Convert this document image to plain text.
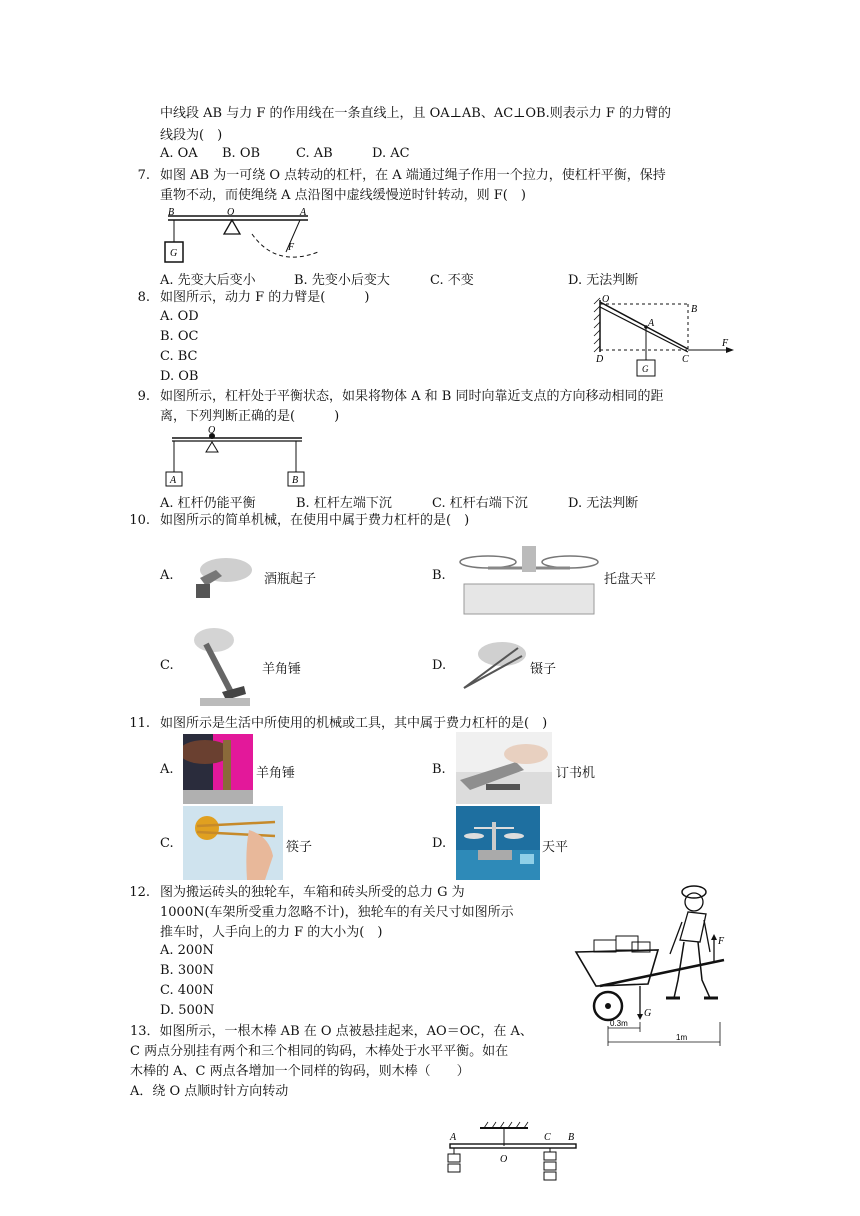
中线段 AB 与力 F 的作用线在一条直线上，且 OA⊥AB、AC⊥OB.则表示力 F 的力臂的
线段为(　)
A. OA B. OB	C. AB	D. AC
7. 如图 AB 为一可绕 O 点转动的杠杆，在 A 端通过绳子作用一个拉力，使杠杆平衡，保持
重物不动，而使绳绕 A 点沿图中虚线缓慢逆时针转动，则 F(　)
B	O	A
G
F
A. 先变大后变小	B. 先变小后变大	C. 不变	D. 无法判断
8. 如图所示，动力 F 的力臂是(　　　)
A. OD
B. OC
C. BC
D. OB
O
B
A
D	C
F
G
9. 如图所示，杠杆处于平衡状态，如果将物体 A 和 B 同时向靠近支点的方向移动相同的距
离，下列判断正确的是(　　　)
O
A	B
A. 杠杆仍能平衡	B. 杠杆左端下沉	C. 杠杆右端下沉	D. 无法判断
10. 如图所示的简单机械，在使用中属于费力杠杆的是(　)
A.	酒瓶起子	B.	托盘天平
C.	羊角锤	D.	镊子
11. 如图所示是生活中所使用的机械或工具，其中属于费力杠杆的是(　)
A.	羊角锤	B.	订书机
C.	筷子	D.	天平
12. 图为搬运砖头的独轮车，车箱和砖头所受的总力 G 为
1000N(车架所受重力忽略不计)，独轮车的有关尺寸如图所示
推车时，人手向上的力 F 的大小为(　)
A. 200N
B. 300N
C. 400N
D. 500N
F
G
0.3m
1m
13．如图所示，一根木棒 AB 在 O 点被悬挂起来，AO＝OC，在 A、
C 两点分别挂有两个和三个相同的钩码，木棒处于水平平衡。如在
木棒的 A、C 两点各增加一个同样的钩码，则木棒（　　）
A．绕 O 点顺时针方向转动
A
O
C B
